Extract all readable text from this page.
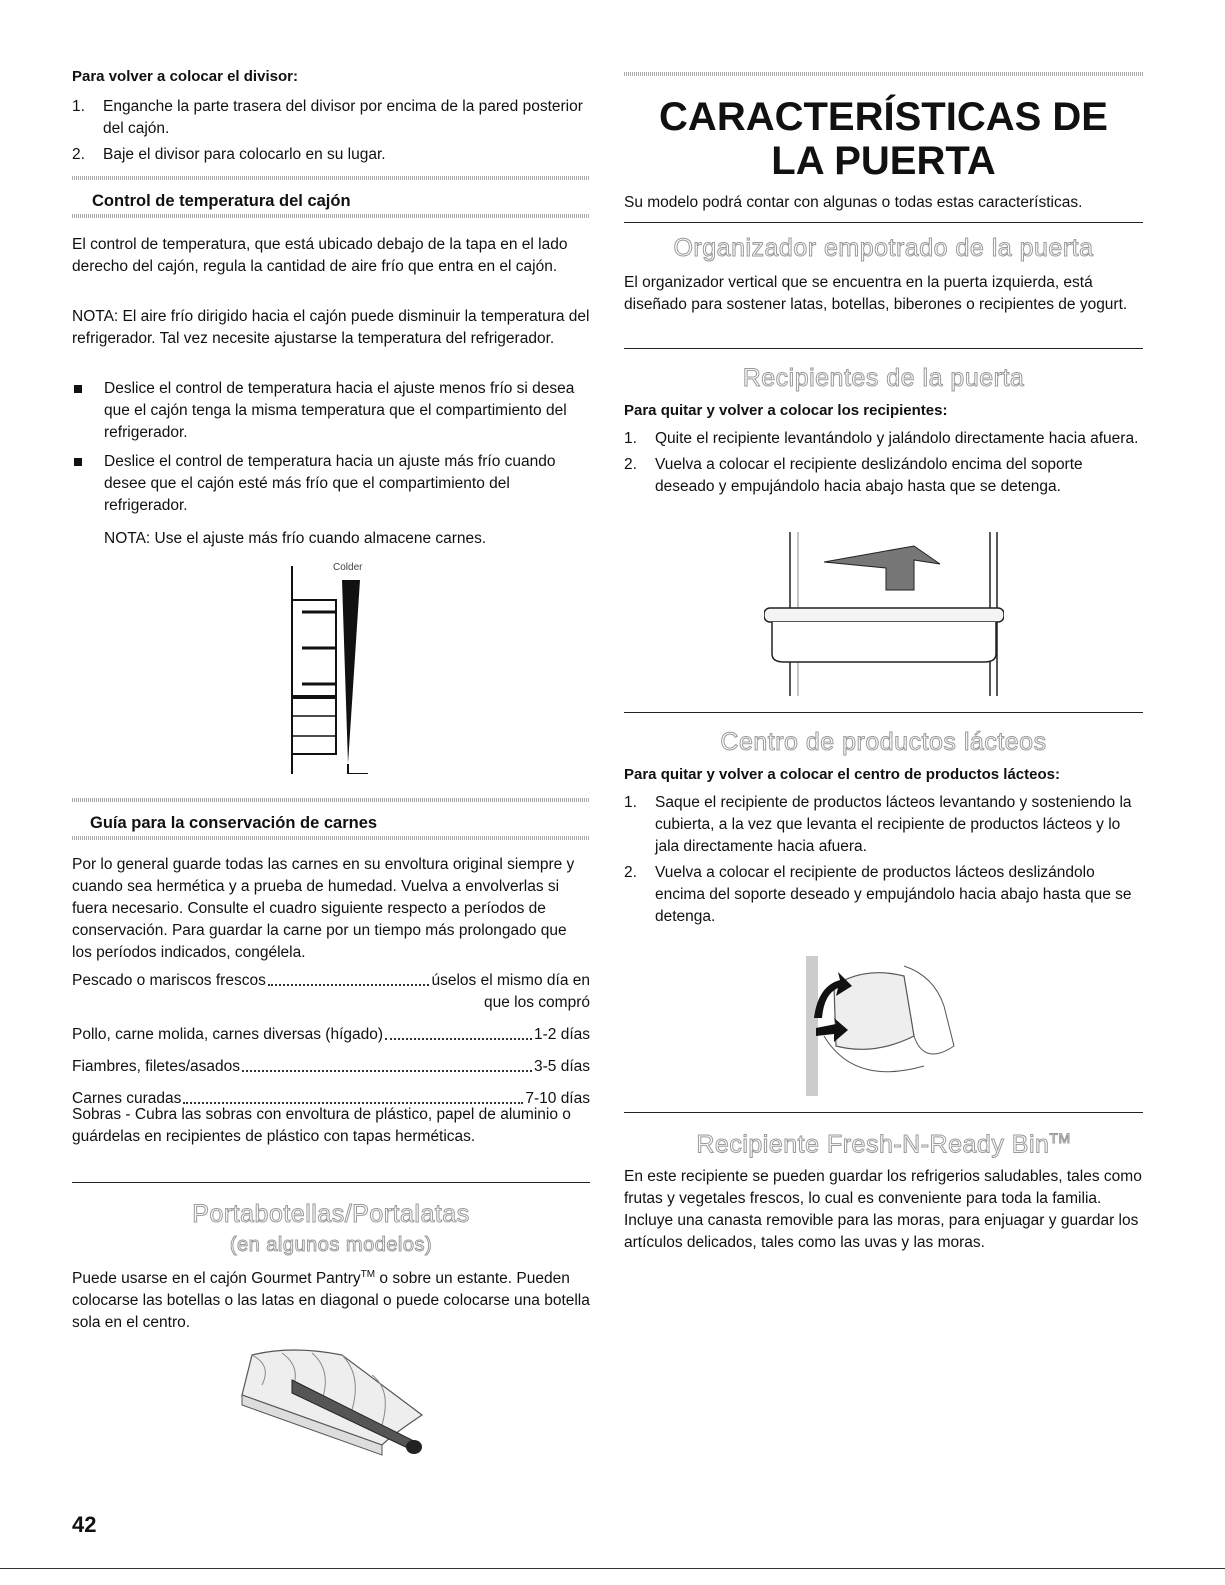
Para volver a colocar el divisor:
1.	Enganche la parte trasera del divisor por encima de la pared posterior del cajón.
2.	Baje el divisor para colocarlo en su lugar.
Control de temperatura del cajón

El control de temperatura, que está ubicado debajo de la tapa en el lado derecho del cajón, regula la cantidad de aire frío que entra en el cajón.

NOTA: El aire frío dirigido hacia el cajón puede disminuir la temperatura del refrigerador. Tal vez necesite ajustarse la temperatura del refrigerador.

Deslice el control de temperatura hacia el ajuste menos frío si desea que el cajón tenga la misma temperatura que el compartimiento del refrigerador.
Deslice el control de temperatura hacia un ajuste más frío cuando desee que el cajón esté más frío que el compartimiento del refrigerador.

NOTA: Use el ajuste más frío cuando almacene carnes.

Colder
Guía para la conservación de carnes

Por lo general guarde todas las carnes en su envoltura original siempre y cuando sea hermética y a prueba de humedad. Vuelva a envolverlas si fuera necesario. Consulte el cuadro siguiente respecto a períodos de conservación. Para guardar la carne por un tiempo más prolongado que los períodos indicados, congélela.

Pescado o mariscos frescos	úselos el mismo día en
que los compró
Pollo, carne molida, carnes diversas (hígado)	1-2 días
Fiambres, filetes/asados	3-5 días
Carnes curadas	7-10 días

Sobras - Cubra las sobras con envoltura de plástico, papel de aluminio o guárdelas en recipientes de plástico con tapas herméticas.

Portabotellas/Portalatas
(en algunos modelos)

Puede usarse en el cajón Gourmet Pantry™ o sobre un estante. Pueden colocarse las botellas o las latas en diagonal o puede colocarse una botella sola en el centro.

42
CARACTERÍSTICAS DE
LA PUERTA

Su modelo podrá contar con algunas o todas estas características.

Organizador empotrado de la puerta

El organizador vertical que se encuentra en la puerta izquierda, está diseñado para sostener latas, botellas, biberones o recipientes de yogurt.

Recipientes de la puerta
Para quitar y volver a colocar los recipientes:
1.	Quite el recipiente levantándolo y jalándolo directamente hacia afuera.
2.	Vuelva a colocar el recipiente deslizándolo encima del soporte deseado y empujándolo hacia abajo hasta que se detenga.
Centro de productos lácteos
Para quitar y volver a colocar el centro de productos lácteos:
1.	Saque el recipiente de productos lácteos levantando y sosteniendo la cubierta, a la vez que levanta el recipiente de productos lácteos y lo jala directamente hacia afuera.
2.	Vuelva a colocar el recipiente de productos lácteos deslizándolo encima del soporte deseado y empujándolo hacia abajo hasta que se detenga.
Recipiente Fresh-N-Ready Bin™

En este recipiente se pueden guardar los refrigerios saludables, tales como frutas y vegetales frescos, lo cual es conveniente para toda la familia. Incluye una canasta removible para las moras, para enjuagar y guardar los artículos delicados, tales como las uvas y las moras.
